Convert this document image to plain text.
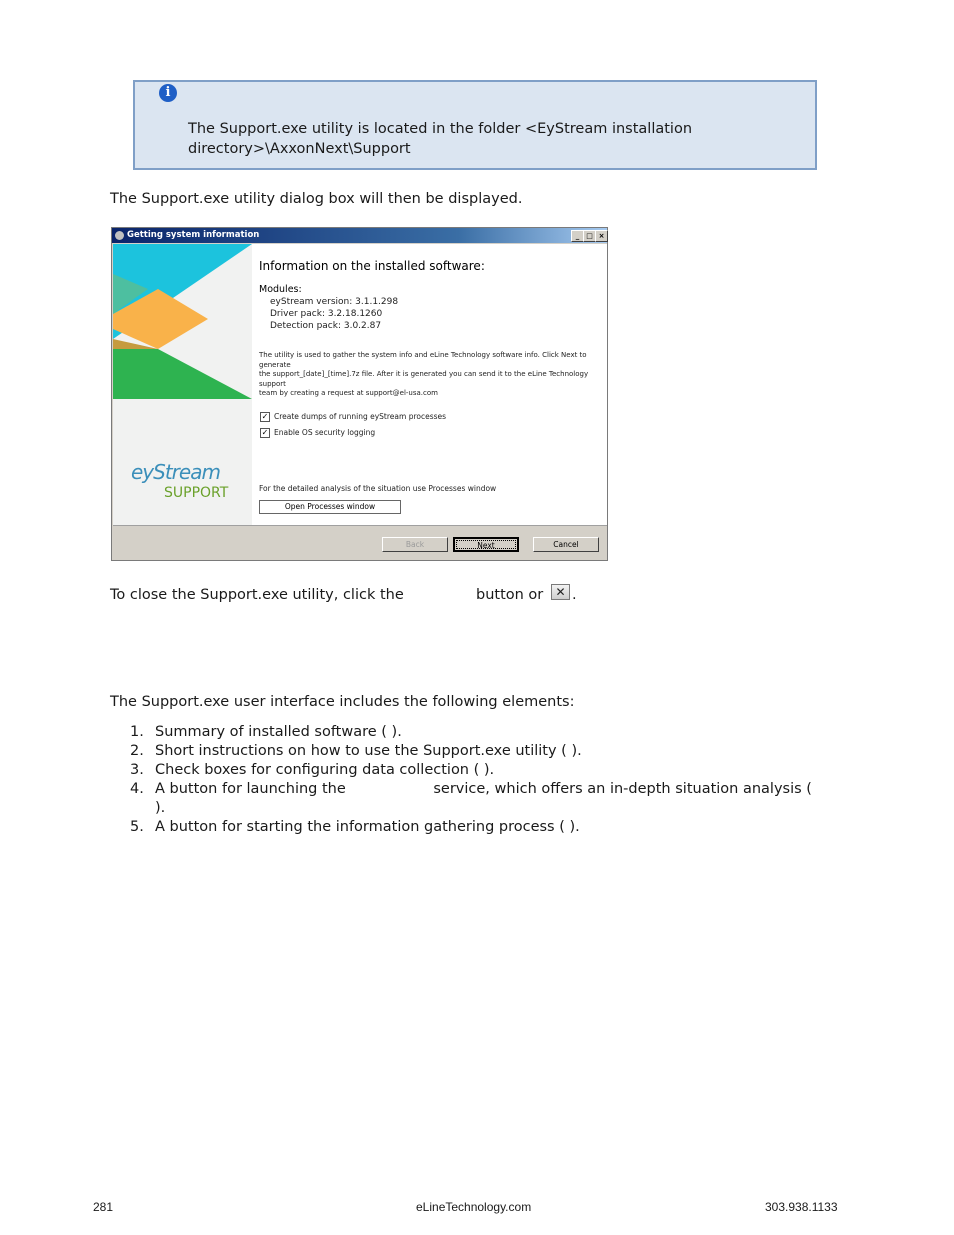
i
The Support.exe utility is located in the folder <EyStream installation
directory>\AxxonNext\Support
The Support.exe utility dialog box will then be displayed.
Getting system information	_ □ ×
eyStream
SUPPORT
Information on the installed software:
Modules:
eyStream version: 3.1.1.298
Driver pack: 3.2.18.1260
Detection pack: 3.0.2.87
The utility is used to gather the system info and eLine Technology software info. Click Next to generate
the support_[date]_[time].7z file. After it is generated you can send it to the eLine Technology support
team by creating a request at support@el-usa.com
✓ Create dumps of running eyStream processes
✓ Enable OS security logging
For the detailed analysis of the situation use Processes window
Open Processes window
Back	Next	Cancel
To close the Support.exe utility, click the	button or	✕ .
The Support.exe user interface includes the following elements:
1. Summary of installed software ( ).
2. Short instructions on how to use the Support.exe utility ( ).
3. Check boxes for configuring data collection ( ).
4. A button for launching the                   service, which offers an in-depth situation analysis (
).
5. A button for starting the information gathering process ( ).
281	eLineTechnology.com	303.938.1133
